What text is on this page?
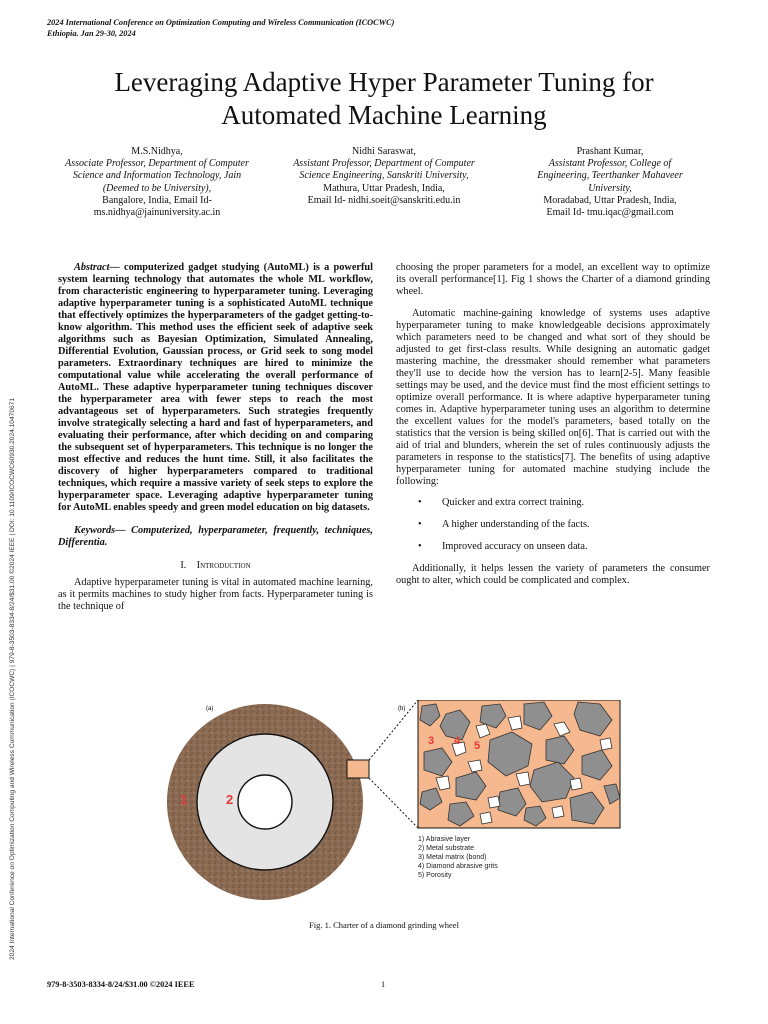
2024 International Conference on Optimization Computing and Wireless Communication (ICOCWC)
Ethiopia. Jan 29-30, 2024
2024 International Conference on Optimization Computing and Wireless Communication (ICOCWC) | 979-8-3503-8334-8/24/$31.00 ©2024 IEEE | DOI: 10.1109/ICOCWC60930.2024.10470671
Leveraging Adaptive Hyper Parameter Tuning for
Automated Machine Learning
M.S.Nidhya,
Associate Professor, Department of Computer Science and Information Technology, Jain (Deemed to be University),
Bangalore, India, Email Id-
ms.nidhya@jainuniversity.ac.in
Nidhi Saraswat,
Assistant Professor, Department of Computer Science Engineering, Sanskriti University,
Mathura, Uttar Pradesh, India,
Email Id- nidhi.soeit@sanskriti.edu.in
Prashant Kumar,
Assistant Professor, College of Engineering, Teerthanker Mahaveer University,
Moradabad, Uttar Pradesh, India,
Email Id- tmu.iqac@gmail.com

Abstract— computerized gadget studying (AutoML) is a powerful system learning technology that automates the whole ML workflow, from characteristic engineering to hyperparameter tuning. Leveraging adaptive hyperparameter tuning is a sophisticated AutoML technique that effectively optimizes the hyperparameters of the gadget getting-to-know algorithm. This method uses the efficient seek of adaptive seek algorithms such as Bayesian Optimization, Simulated Annealing, Differential Evolution, Gaussian process, or Grid seek to song model parameters. Extraordinary techniques are hired to minimize the computational value while accelerating the overall performance of AutoML. These adaptive hyperparameter tuning techniques discover the hyperparameter area with fewer steps to reach the most advantageous set of hyperparameters. Such strategies frequently involve strategically selecting a hard and fast of hyperparameters, and evaluating their performance, after which deciding on and comparing the subsequent set of hyperparameters. This technique is no longer the most effective and reduces the hunt time. Still, it also facilitates the discovery of higher hyperparameters compared to traditional techniques, which require a massive variety of seek steps to explore the hyperparameter space. Leveraging adaptive hyperparameter tuning for AutoML enables speedy and green model education on big datasets.

Keywords— Computerized, hyperparameter, frequently, techniques, Differentia.

I. Introduction

Adaptive hyperparameter tuning is vital in automated machine learning, as it permits machines to study higher from facts. Hyperparameter tuning is the technique of

choosing the proper parameters for a model, an excellent way to optimize its overall performance[1]. Fig 1 shows the Charter of a diamond grinding wheel.

Automatic machine-gaining knowledge of systems uses adaptive hyperparameter tuning to make knowledgeable decisions approximately which parameters need to be changed and what sort of they should be adjusted to get first-class results. While designing an automatic gadget mastering machine, the dressmaker should remember what parameters they'll use to decide how the version has to learn[2-5]. Many feasible settings may be used, and the device must find the most efficient settings to optimize overall performance. It is where adaptive hyperparameter tuning comes in. Adaptive hyperparameter tuning uses an algorithm to determine the excellent values for the model's parameters, based totally on the statistics that the version is being skilled on[6]. That is carried out with the aid of trial and blunders, wherein the set of rules continuously adjusts the parameters in response to the statistics[7]. The benefits of using adaptive hyperparameter tuning for automated machine studying include the following:

• Quicker and extra correct training.
• A higher understanding of the facts.
• Improved accuracy on unseen data.

Additionally, it helps lessen the variety of parameters the consumer ought to alter, which could be complicated and complex.

(a)	(b)
1	2
3 4 5
1) Abrasive layer
2) Metal substrate
3) Metal matrix (bond)
4) Diamond abrasive grits
5) Porosity
Fig. 1. Charter of a diamond grinding wheel
979-8-3503-8334-8/24/$31.00 ©2024 IEEE	1
